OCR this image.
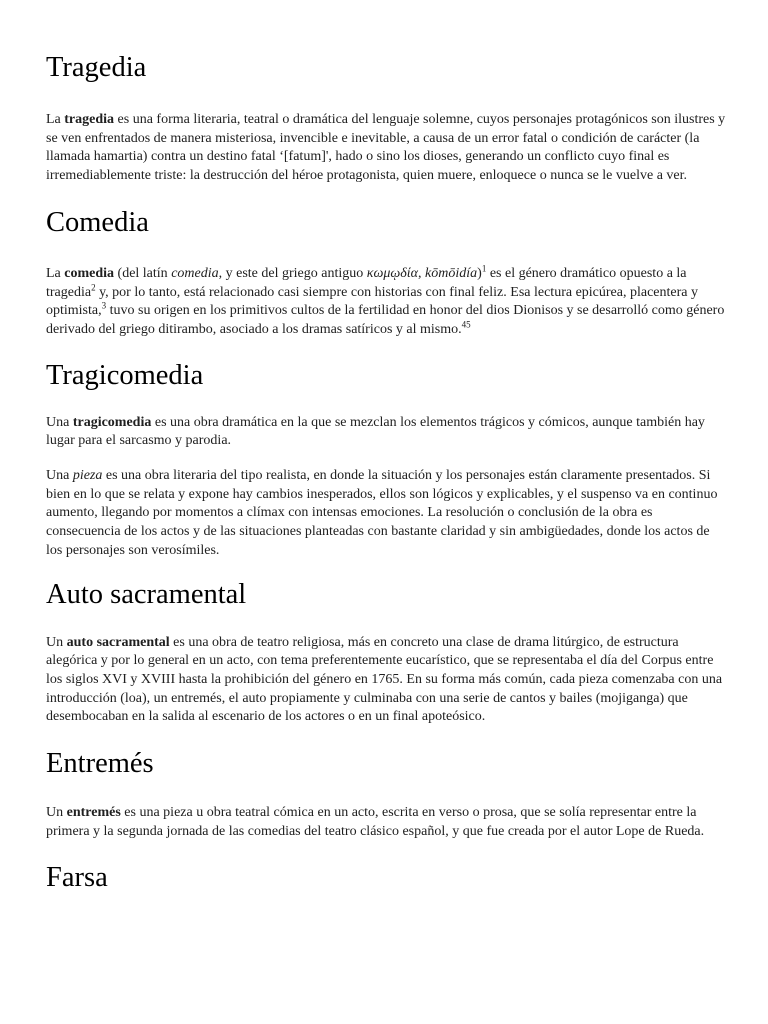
Tragedia

La tragedia es una forma literaria, teatral o dramática del lenguaje solemne, cuyos personajes protagónicos son ilustres y se ven enfrentados de manera misteriosa, invencible e inevitable, a causa de un error fatal o condición de carácter (la llamada hamartia) contra un destino fatal ‘[fatum]', hado o sino los dioses, generando un conflicto cuyo final es irremediablemente triste: la destrucción del héroe protagonista, quien muere, enloquece o nunca se le vuelve a ver.

Comedia

La comedia (del latín comedia, y este del griego antiguo κωμῳδία, kōmōidía)$^1$ es el género dramático opuesto a la tragedia$^2$ y, por lo tanto, está relacionado casi siempre con historias con final feliz. Esa lectura epicúrea, placentera y optimista,$^3$ tuvo su origen en los primitivos cultos de la fertilidad en honor del dios Dionisos y se desarrolló como género derivado del griego ditirambo, asociado a los dramas satíricos y al mismo.$^{45}$

Tragicomedia

Una tragicomedia es una obra dramática en la que se mezclan los elementos trágicos y cómicos, aunque también hay lugar para el sarcasmo y parodia.

Una pieza es una obra literaria del tipo realista, en donde la situación y los personajes están claramente presentados. Si bien en lo que se relata y expone hay cambios inesperados, ellos son lógicos y explicables, y el suspenso va en continuo aumento, llegando por momentos a clímax con intensas emociones. La resolución o conclusión de la obra es consecuencia de los actos y de las situaciones planteadas con bastante claridad y sin ambigüedades, donde los actos de los personajes son verosímiles.

Auto sacramental

Un auto sacramental es una obra de teatro religiosa, más en concreto una clase de drama litúrgico, de estructura alegórica y por lo general en un acto, con tema preferentemente eucarístico, que se representaba el día del Corpus entre los siglos XVI y XVIII hasta la prohibición del género en 1765. En su forma más común, cada pieza comenzaba con una introducción (loa), un entremés, el auto propiamente y culminaba con una serie de cantos y bailes (mojiganga) que desembocaban en la salida al escenario de los actores o en un final apoteósico.

Entremés

Un entremés es una pieza u obra teatral cómica en un acto, escrita en verso o prosa, que se solía representar entre la primera y la segunda jornada de las comedias del teatro clásico español, y que fue creada por el autor Lope de Rueda.

Farsa
